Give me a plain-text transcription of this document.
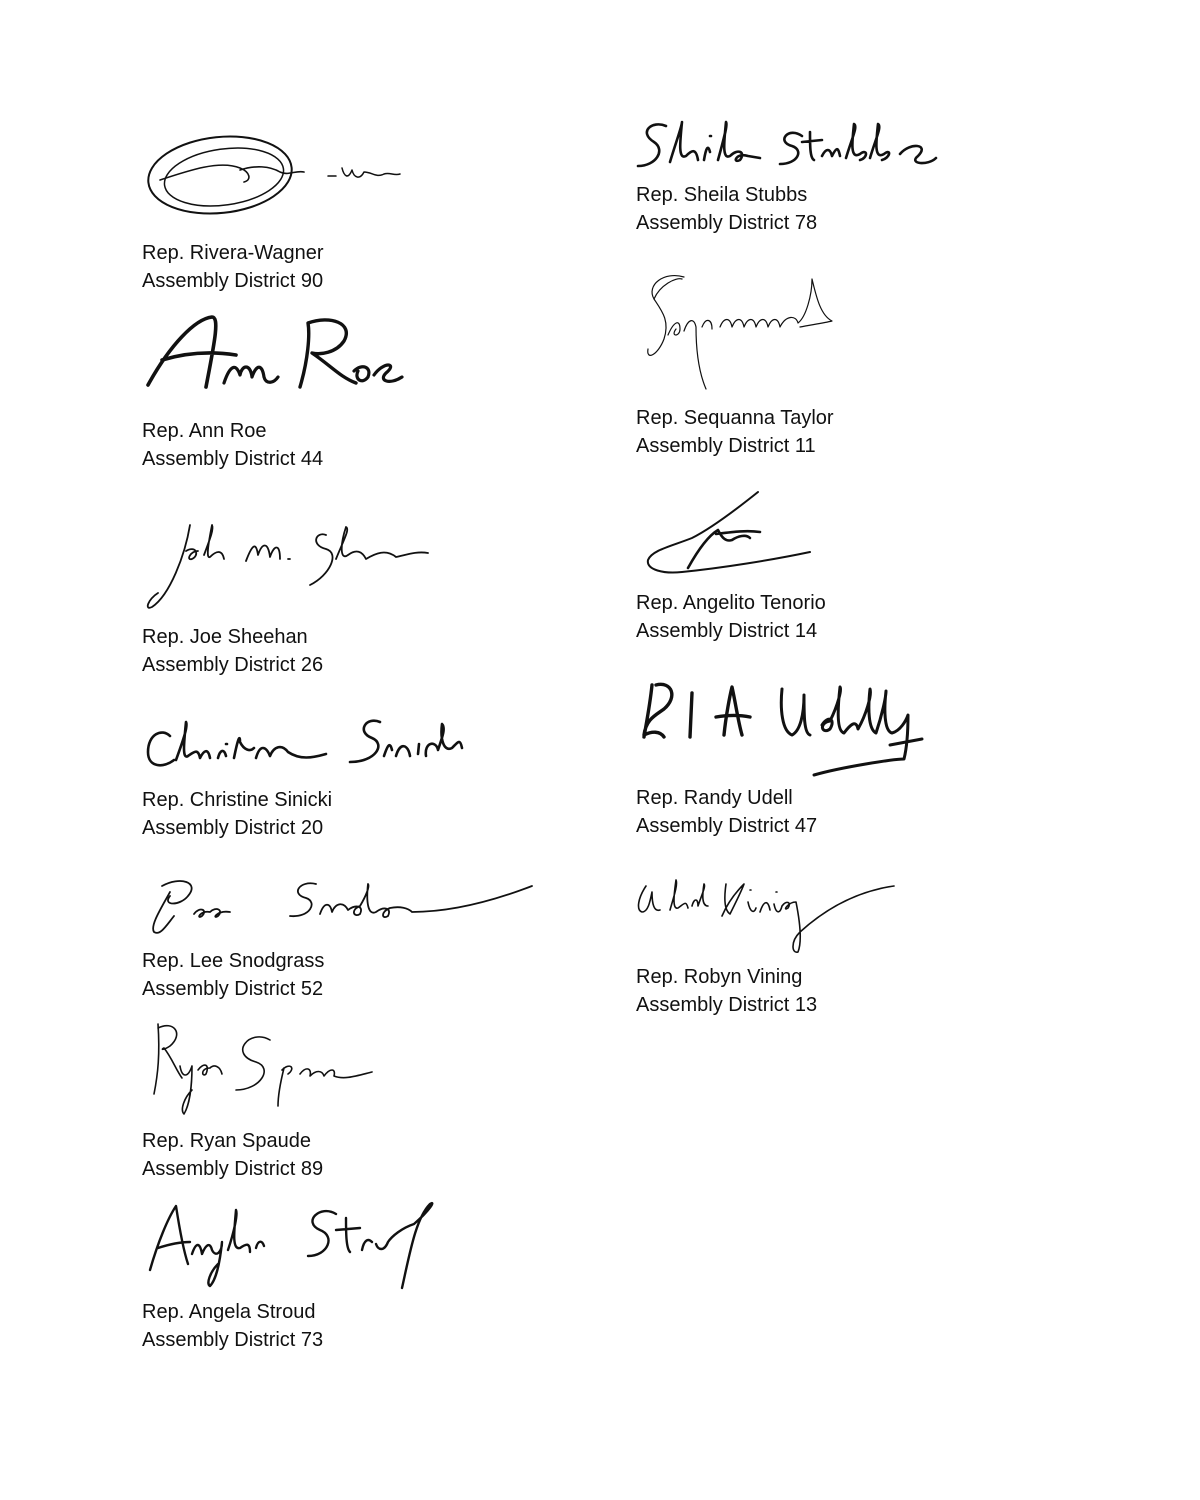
Rep. Rivera-Wagner
Assembly District 90
Rep. Ann Roe
Assembly District 44
Rep. Joe Sheehan
Assembly District 26
Rep. Christine Sinicki
Assembly District 20
Rep. Lee Snodgrass
Assembly District 52
Rep. Ryan Spaude
Assembly District 89
Rep. Angela Stroud
Assembly District 73
Rep. Sheila Stubbs
Assembly District 78
Rep. Sequanna Taylor
Assembly District 11
Rep. Angelito Tenorio
Assembly District 14
Rep. Randy Udell
Assembly District 47
Rep. Robyn Vining
Assembly District 13
